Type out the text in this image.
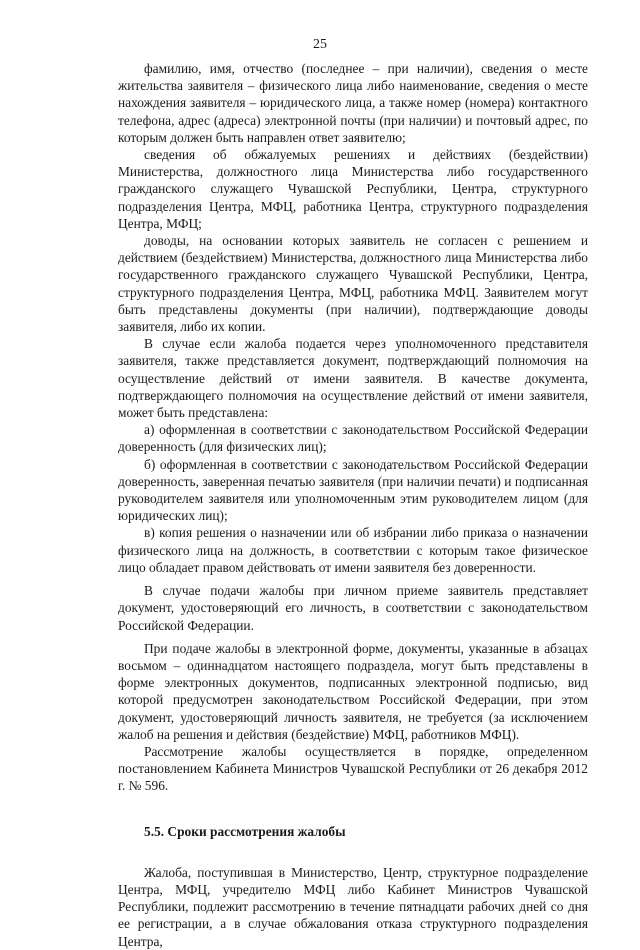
25

фамилию, имя, отчество (последнее – при наличии), сведения о месте жительства заявителя – физического лица либо наименование, сведения о месте нахождения заявителя – юридического лица, а также номер (номера) контактного телефона, адрес (адреса) электронной почты (при наличии) и почтовый адрес, по которым должен быть направлен ответ заявителю;

сведения об обжалуемых решениях и действиях (бездействии) Министерства, должностного лица Министерства либо государственного гражданского служащего Чувашской Республики, Центра, структурного подразделения Центра, МФЦ, работника Центра, структурного подразделения Центра, МФЦ;

доводы, на основании которых заявитель не согласен с решением и действием (бездействием) Министерства, должностного лица Министерства либо государственного гражданского служащего Чувашской Республики, Центра, структурного подразделения Центра, МФЦ, работника МФЦ. Заявителем могут быть представлены документы (при наличии), подтверждающие доводы заявителя, либо их копии.

В случае если жалоба подается через уполномоченного представителя заявителя, также представляется документ, подтверждающий полномочия на осуществление действий от имени заявителя. В качестве документа, подтверждающего полномочия на осуществление действий от имени заявителя, может быть представлена:

а) оформленная в соответствии с законодательством Российской Федерации доверенность (для физических лиц);

б) оформленная в соответствии с законодательством Российской Федерации доверенность, заверенная печатью заявителя (при наличии печати) и подписанная руководителем заявителя или уполномоченным этим руководителем лицом (для юридических лиц);

в) копия решения о назначении или об избрании либо приказа о назначении физического лица на должность, в соответствии с которым такое физическое лицо обладает правом действовать от имени заявителя без доверенности.

В случае подачи жалобы при личном приеме заявитель представляет документ, удостоверяющий его личность, в соответствии с законодательством Российской Федерации.

При подаче жалобы в электронной форме, документы, указанные в абзацах восьмом – одиннадцатом настоящего подраздела, могут быть представлены в форме электронных документов, подписанных электронной подписью, вид которой предусмотрен законодательством Российской Федерации, при этом документ, удостоверяющий личность заявителя, не требуется (за исключением жалоб на решения и действия (бездействие) МФЦ, работников МФЦ).

Рассмотрение жалобы осуществляется в порядке, определенном постановлением Кабинета Министров Чувашской Республики от 26 декабря 2012 г. № 596.

5.5. Сроки рассмотрения жалобы

Жалоба, поступившая в Министерство, Центр, структурное подразделение Центра, МФЦ, учредителю МФЦ либо Кабинет Министров Чувашской Республики, подлежит рассмотрению в течение пятнадцати рабочих дней со дня ее регистрации, а в случае обжалования отказа структурного подразделения Центра,
